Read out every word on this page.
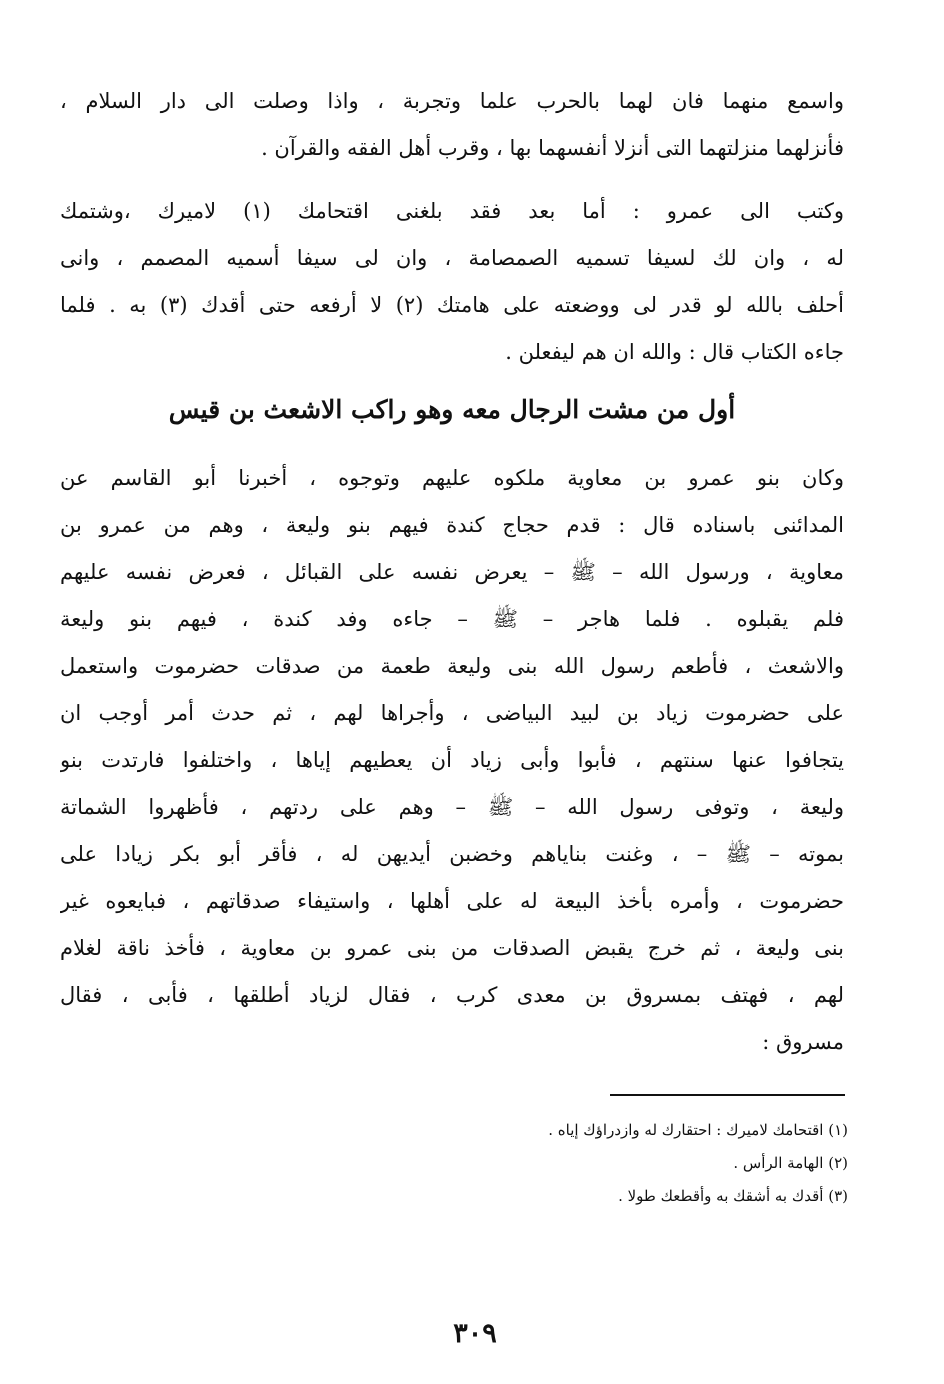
واسمع منهما فان لهما بالحرب علما وتجربة ، واذا وصلت الى دار السلام ،
فأنزلهما منزلتهما التى أنزلا أنفسهما بها ، وقرب أهل الفقه والقرآن .
وكتب الى عمرو : أما بعد فقد بلغنى اقتحامك (١) لاميرك ،وشتمك
له ، وان لك لسيفا تسميه الصمصامة ، وان لى سيفا أسميه المصمم ، وانى
أحلف بالله لو قدر لى ووضعته على هامتك (٢) لا أرفعه حتى أقدك (٣) به . فلما
جاءه الكتاب قال : والله ان هم ليفعلن .
أول من مشت الرجال معه وهو راكب الاشعث بن قيس
وكان بنو عمرو بن معاوية ملكوه عليهم وتوجوه ، أخبرنا أبو القاسم عن
المدائنى باسناده قال : قدم حجاج كندة فيهم بنو وليعة ، وهم من عمرو بن
معاوية ، ورسول الله – ﷺ – يعرض نفسه على القبائل ، فعرض نفسه عليهم
فلم يقبلوه . فلما هاجر – ﷺ – جاءه وفد كندة ، فيهم بنو وليعة
والاشعث ، فأطعم رسول الله بنى وليعة طعمة من صدقات حضرموت واستعمل
على حضرموت زياد بن لبيد البياضى ، وأجراها لهم ، ثم حدث أمر أوجب ان
يتجافوا عنها سنتهم ، فأبوا وأبى زياد أن يعطيهم إياها ، واختلفوا فارتدت بنو
وليعة ، وتوفى رسول الله – ﷺ – وهم على ردتهم ، فأظهروا الشماتة
بموته – ﷺ – ، وغنت بناياهم وخضبن أيديهن له ، فأقر أبو بكر زيادا على
حضرموت ، وأمره بأخذ البيعة له على أهلها ، واستيفاء صدقاتهم ، فبايعوه غير
بنى وليعة ، ثم خرج يقبض الصدقات من بنى عمرو بن معاوية ، فأخذ ناقة لغلام
لهم ، فهتف بمسروق بن معدى كرب ، فقال لزياد أطلقها ، فأبى ، فقال
مسروق :
(١) اقتحامك لاميرك : احتقارك له وازدراؤك إياه .
(٢) الهامة الرأس .
(٣) أقدك به أشقك به وأقطعك طولا .
٣٠٩
